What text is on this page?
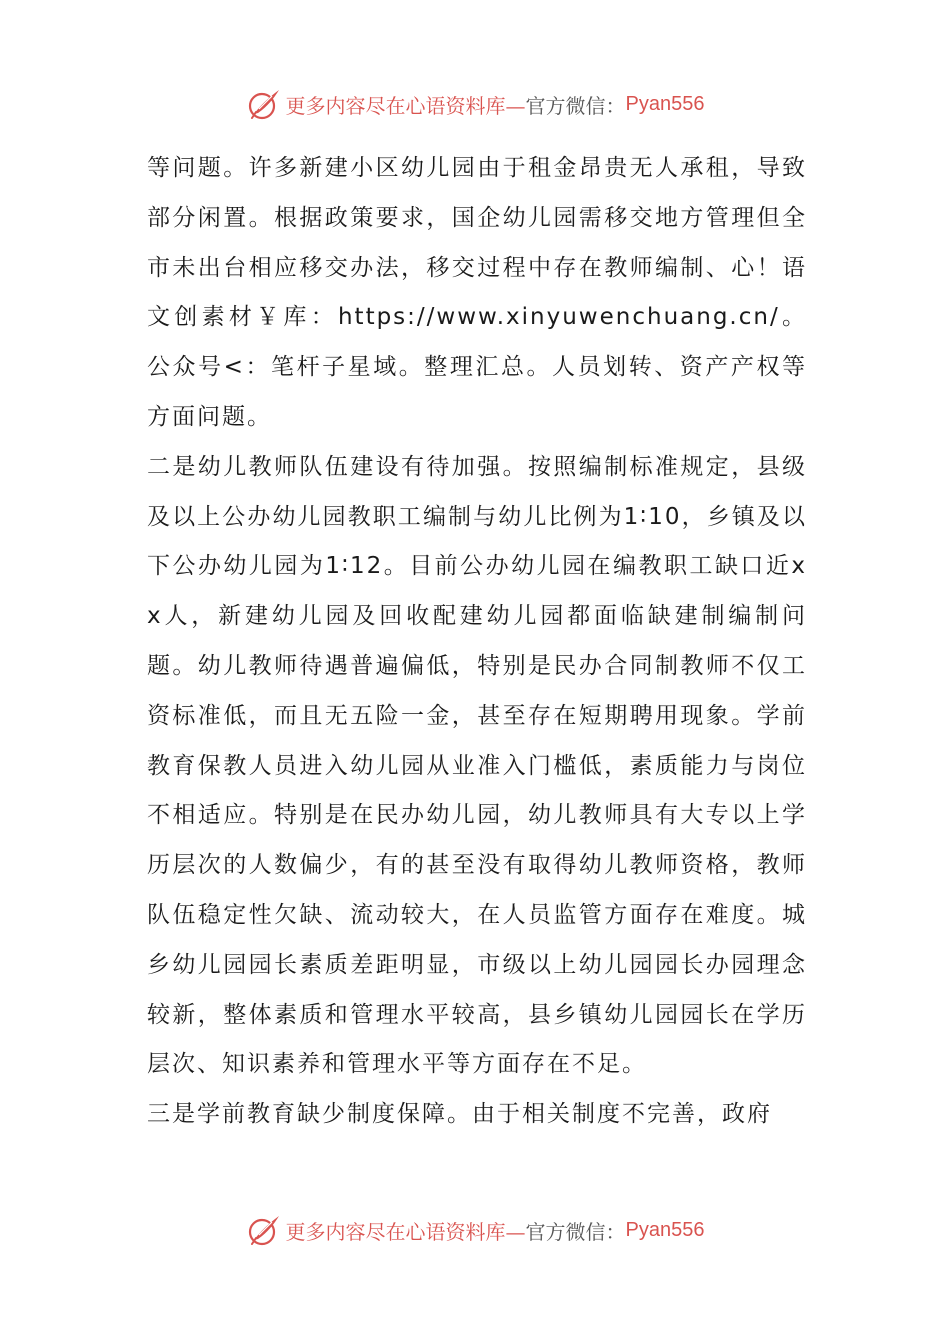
更多内容尽在心语资料库— 官方微信： Pyan556

等问题。许多新建小区幼儿园由于租金昂贵无人承租，导致部分闲置。根据政策要求，国企幼儿园需移交地方管理但全市未出台相应移交办法，移交过程中存在教师编制、心！语文创素材￥库：https://www.xinyuwenchuang.cn/。公众号<：笔杆子星域。整理汇总。人员划转、资产产权等方面问题。

二是幼儿教师队伍建设有待加强。按照编制标准规定，县级及以上公办幼儿园教职工编制与幼儿比例为1∶10，乡镇及以下公办幼儿园为1∶12。目前公办幼儿园在编教职工缺口近xx人，新建幼儿园及回收配建幼儿园都面临缺建制编制问题。幼儿教师待遇普遍偏低，特别是民办合同制教师不仅工资标准低，而且无五险一金，甚至存在短期聘用现象。学前教育保教人员进入幼儿园从业准入门槛低，素质能力与岗位不相适应。特别是在民办幼儿园，幼儿教师具有大专以上学历层次的人数偏少，有的甚至没有取得幼儿教师资格，教师队伍稳定性欠缺、流动较大，在人员监管方面存在难度。城乡幼儿园园长素质差距明显，市级以上幼儿园园长办园理念较新，整体素质和管理水平较高，县乡镇幼儿园园长在学历层次、知识素养和管理水平等方面存在不足。

三是学前教育缺少制度保障。由于相关制度不完善，政府

更多内容尽在心语资料库— 官方微信： Pyan556
